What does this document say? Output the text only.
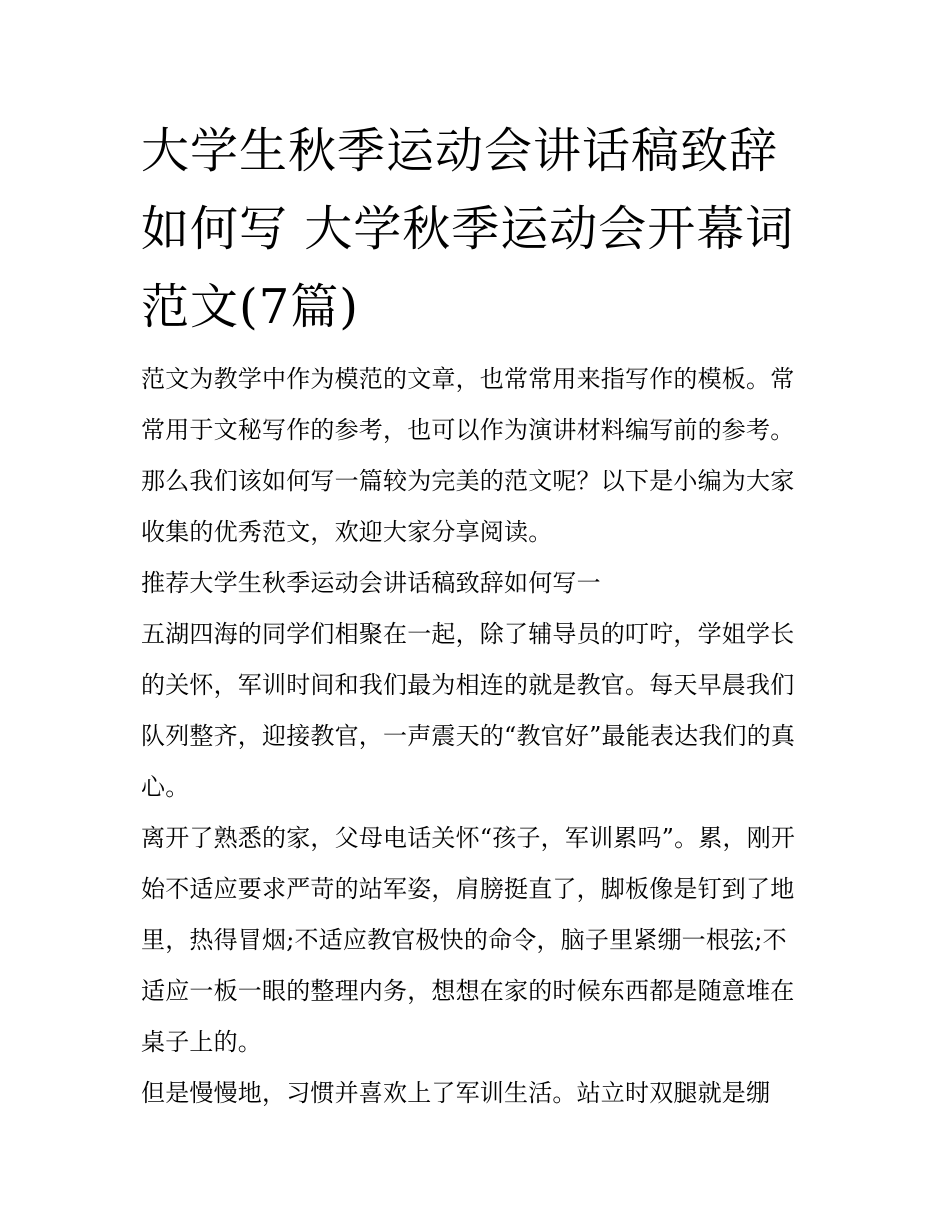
大学生秋季运动会讲话稿致辞如何写 大学秋季运动会开幕词范文(7篇)
范文为教学中作为模范的文章，也常常用来指写作的模板。常
常用于文秘写作的参考，也可以作为演讲材料编写前的参考。
那么我们该如何写一篇较为完美的范文呢？以下是小编为大家
收集的优秀范文，欢迎大家分享阅读。
推荐大学生秋季运动会讲话稿致辞如何写一
五湖四海的同学们相聚在一起，除了辅导员的叮咛，学姐学长
的关怀，军训时间和我们最为相连的就是教官。每天早晨我们
队列整齐，迎接教官，一声震天的“教官好”最能表达我们的真
心。
离开了熟悉的家，父母电话关怀“孩子，军训累吗”。累，刚开
始不适应要求严苛的站军姿，肩膀挺直了，脚板像是钉到了地
里，热得冒烟;不适应教官极快的命令，脑子里紧绷一根弦;不
适应一板一眼的整理内务，想想在家的时候东西都是随意堆在
桌子上的。
但是慢慢地，习惯并喜欢上了军训生活。站立时双腿就是绷
